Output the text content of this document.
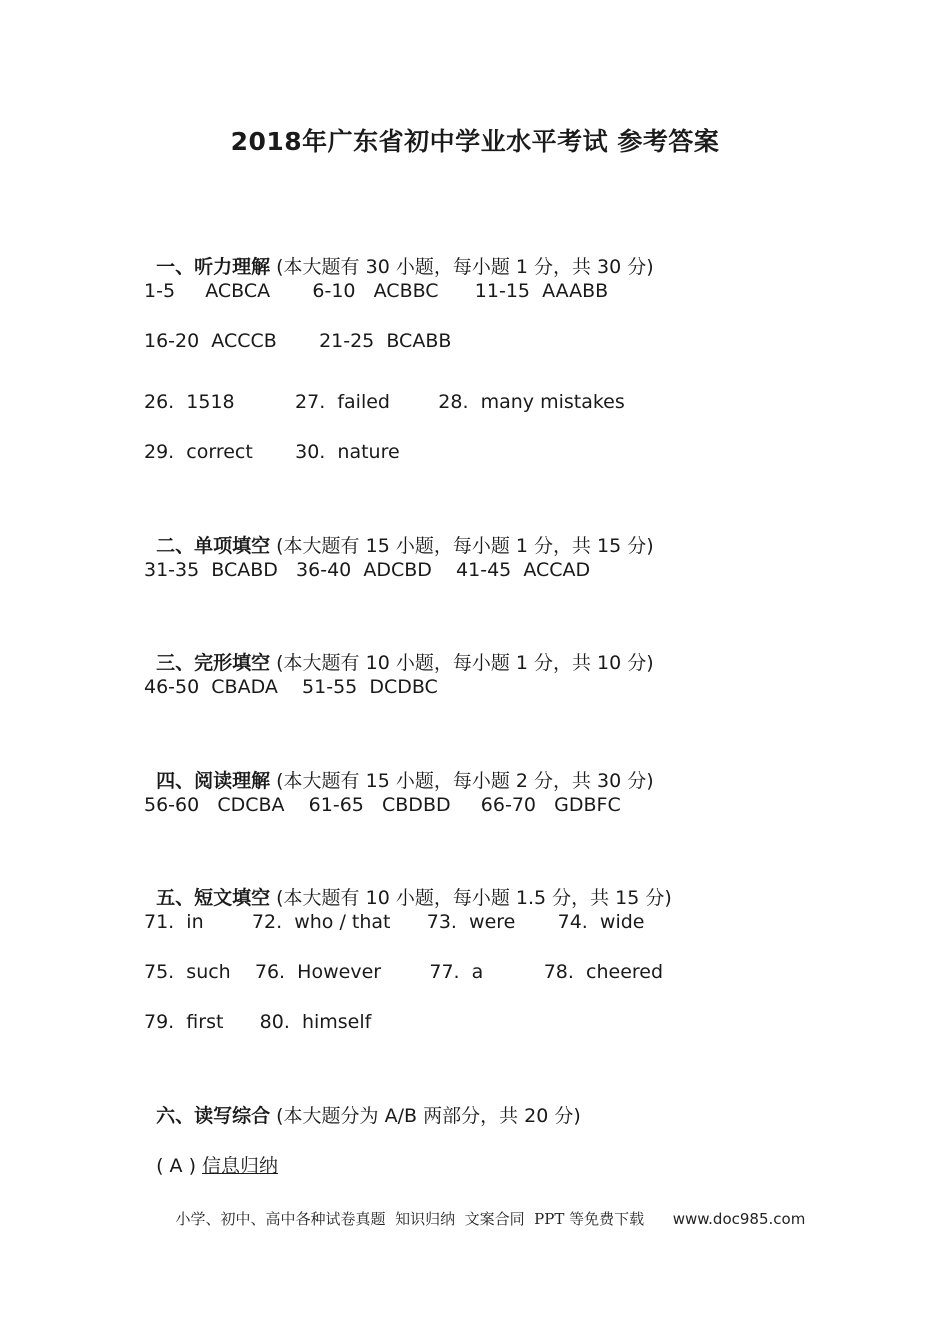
2018年广东省初中学业水平考试 参考答案

一、听力理解 (本大题有 30 小题，每小题 1 分，共 30 分)

1-5     ACBCA       6-10   ACBBC      11-15  AAABB
16-20  ACCCB       21-25  BCABB
26.  1518          27.  failed        28.  many mistakes
29.  correct       30.  nature

二、单项填空 (本大题有 15 小题，每小题 1 分，共 15 分)

31-35  BCABD   36-40  ADCBD    41-45  ACCAD

三、完形填空 (本大题有 10 小题，每小题 1 分，共 10 分)

46-50  CBADA    51-55  DCDBC

四、阅读理解 (本大题有 15 小题，每小题 2 分，共 30 分)

56-60   CDCBA    61-65   CBDBD     66-70   GDBFC

五、短文填空 (本大题有 10 小题，每小题 1.5 分，共 15 分)

71.  in        72.  who / that      73.  were       74.  wide
75.  such    76.  However        77.  a          78.  cheered
79.  first      80.  himself

六、读写综合 (本大题分为 A/B 两部分，共 20 分)

( A ) 信息归纳

小学、初中、高中各种试卷真题  知识归纳  文案合同  PPT 等免费下载      www.doc985.com
